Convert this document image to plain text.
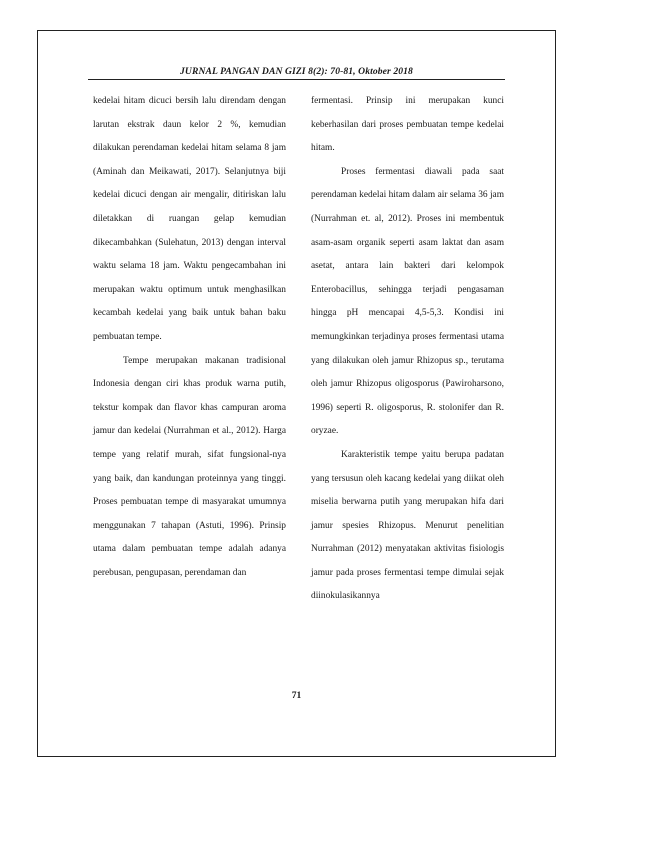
JURNAL PANGAN DAN GIZI 8(2): 70-81, Oktober 2018

kedelai hitam dicuci bersih lalu direndam dengan larutan ekstrak daun kelor 2 %, kemudian dilakukan perendaman kedelai hitam selama 8 jam (Aminah dan Meikawati, 2017). Selanjutnya biji kedelai dicuci dengan air mengalir, ditiriskan lalu diletakkan di ruangan gelap kemudian dikecambahkan (Sulehatun, 2013) dengan interval waktu selama 18 jam. Waktu pengecambahan ini merupakan waktu optimum untuk menghasilkan kecambah kedelai yang baik untuk bahan baku pembuatan tempe.

Tempe merupakan makanan tradisional Indonesia dengan ciri khas produk warna putih, tekstur kompak dan flavor khas campuran aroma jamur dan kedelai (Nurrahman et al., 2012). Harga tempe yang relatif murah, sifat fungsional-nya yang baik, dan kandungan proteinnya yang tinggi. Proses pembuatan tempe di masyarakat umumnya menggunakan 7 tahapan (Astuti, 1996). Prinsip utama dalam pembuatan tempe adalah adanya perebusan, pengupasan, perendaman dan

fermentasi. Prinsip ini merupakan kunci keberhasilan dari proses pembuatan tempe kedelai hitam.

Proses fermentasi diawali pada saat perendaman kedelai hitam dalam air selama 36 jam (Nurrahman et. al, 2012). Proses ini membentuk asam-asam organik seperti asam laktat dan asam asetat, antara lain bakteri dari kelompok Enterobacillus, sehingga terjadi pengasaman hingga pH mencapai 4,5-5,3. Kondisi ini memungkinkan terjadinya proses fermentasi utama yang dilakukan oleh jamur Rhizopus sp., terutama oleh jamur Rhizopus oligosporus (Pawiroharsono, 1996) seperti R. oligosporus, R. stolonifer dan R. oryzae.

Karakteristik tempe yaitu berupa padatan yang tersusun oleh kacang kedelai yang diikat oleh miselia berwarna putih yang merupakan hifa dari jamur spesies Rhizopus. Menurut penelitian Nurrahman (2012) menyatakan aktivitas fisiologis jamur pada proses fermentasi tempe dimulai sejak diinokulasikannya

71
